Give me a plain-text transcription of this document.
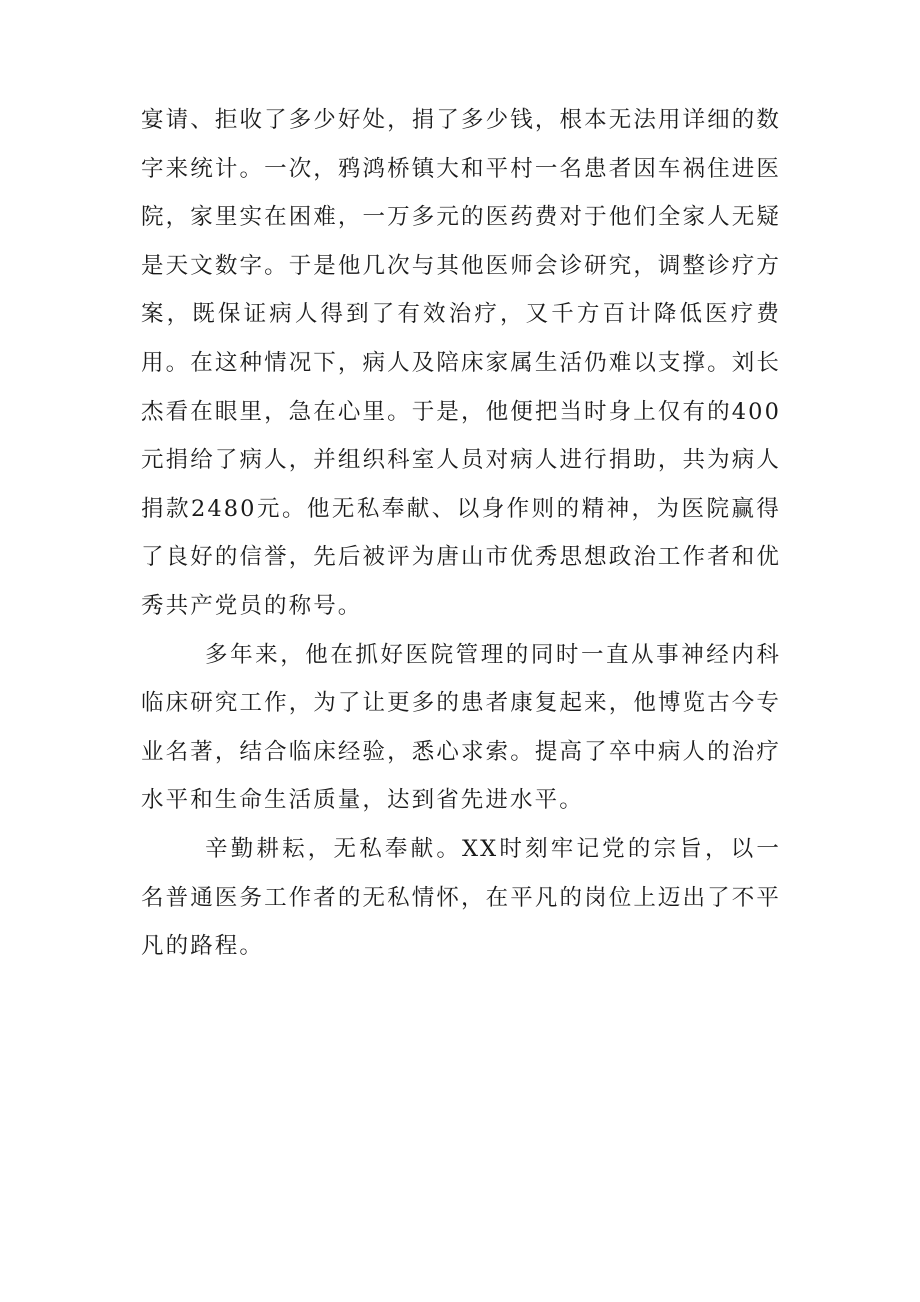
宴请、拒收了多少好处，捐了多少钱，根本无法用详细的数字来统计。一次，鸦鸿桥镇大和平村一名患者因车祸住进医院，家里实在困难，一万多元的医药费对于他们全家人无疑是天文数字。于是他几次与其他医师会诊研究，调整诊疗方案，既保证病人得到了有效治疗，又千方百计降低医疗费用。在这种情况下，病人及陪床家属生活仍难以支撑。刘长杰看在眼里，急在心里。于是，他便把当时身上仅有的400元捐给了病人，并组织科室人员对病人进行捐助，共为病人捐款2480元。他无私奉献、以身作则的精神，为医院赢得了良好的信誉，先后被评为唐山市优秀思想政治工作者和优秀共产党员的称号。

多年来，他在抓好医院管理的同时一直从事神经内科临床研究工作，为了让更多的患者康复起来，他博览古今专业名著，结合临床经验，悉心求索。提高了卒中病人的治疗水平和生命生活质量，达到省先进水平。

辛勤耕耘，无私奉献。XX时刻牢记党的宗旨，以一名普通医务工作者的无私情怀，在平凡的岗位上迈出了不平凡的路程。
